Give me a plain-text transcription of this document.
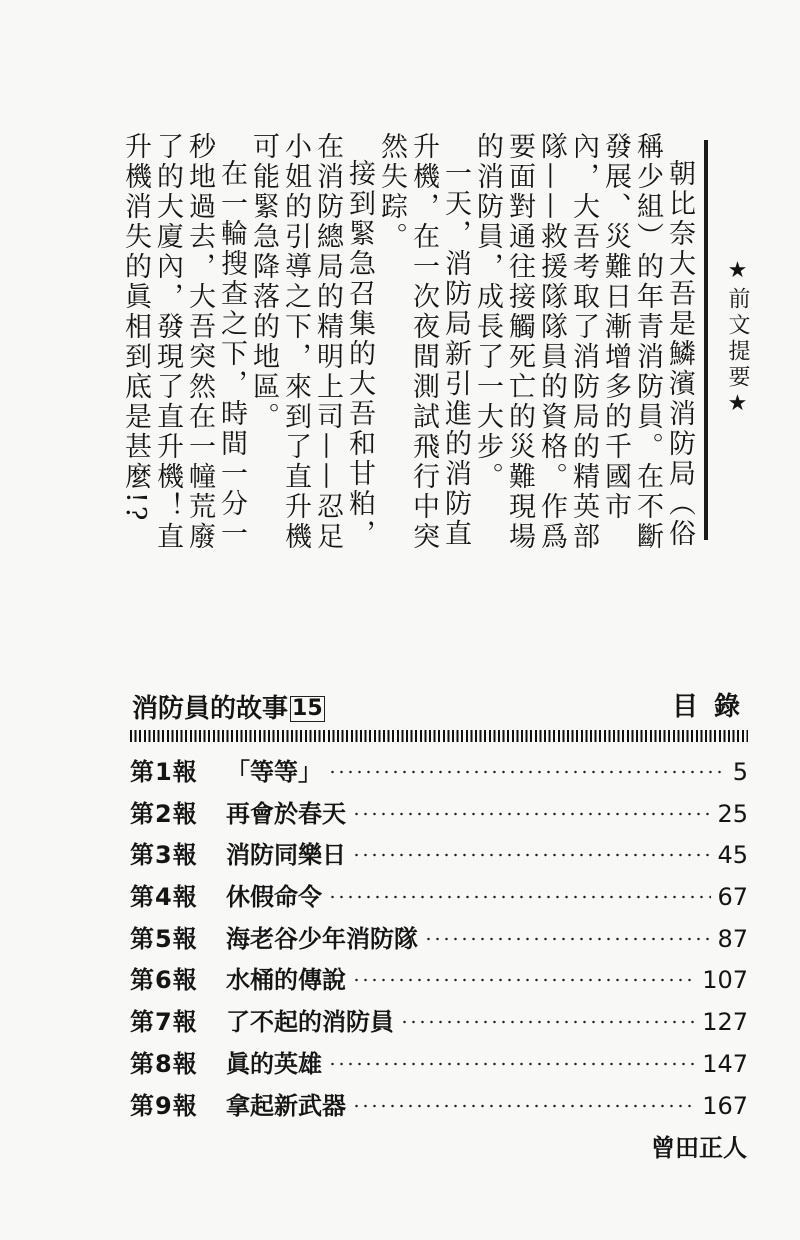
★前文提要★

朝比奈大吾是鱗濱消防局（俗稱少組）的年青消防員。在不斷發展、災難日漸增多的千國市內，大吾考取了消防局的精英部隊——救援隊隊員的資格。作爲要面對通往接觸死亡的災難現場的消防員，成長了一大步。

一天，消防局新引進的消防直升機，在一次夜間測試飛行中突然失踪。

接到緊急召集的大吾和甘粕，在消防總局的精明上司——忍足小姐的引導之下，來到了直升機可能緊急降落的地區。

在一輪搜查之下，時間一分一秒地過去，大吾突然在一幢荒廢了的大廈內，發現了直升機！直升機消失的眞相到底是甚麼!?

消防員的故事 15	目錄
第1報	「等等」	5
第2報	再會於春天	25
第3報	消防同樂日	45
第4報	休假命令	67
第5報	海老谷少年消防隊	87
第6報	水桶的傳說	107
第7報	了不起的消防員	127
第8報	眞的英雄	147
第9報	拿起新武器	167
曾田正人
